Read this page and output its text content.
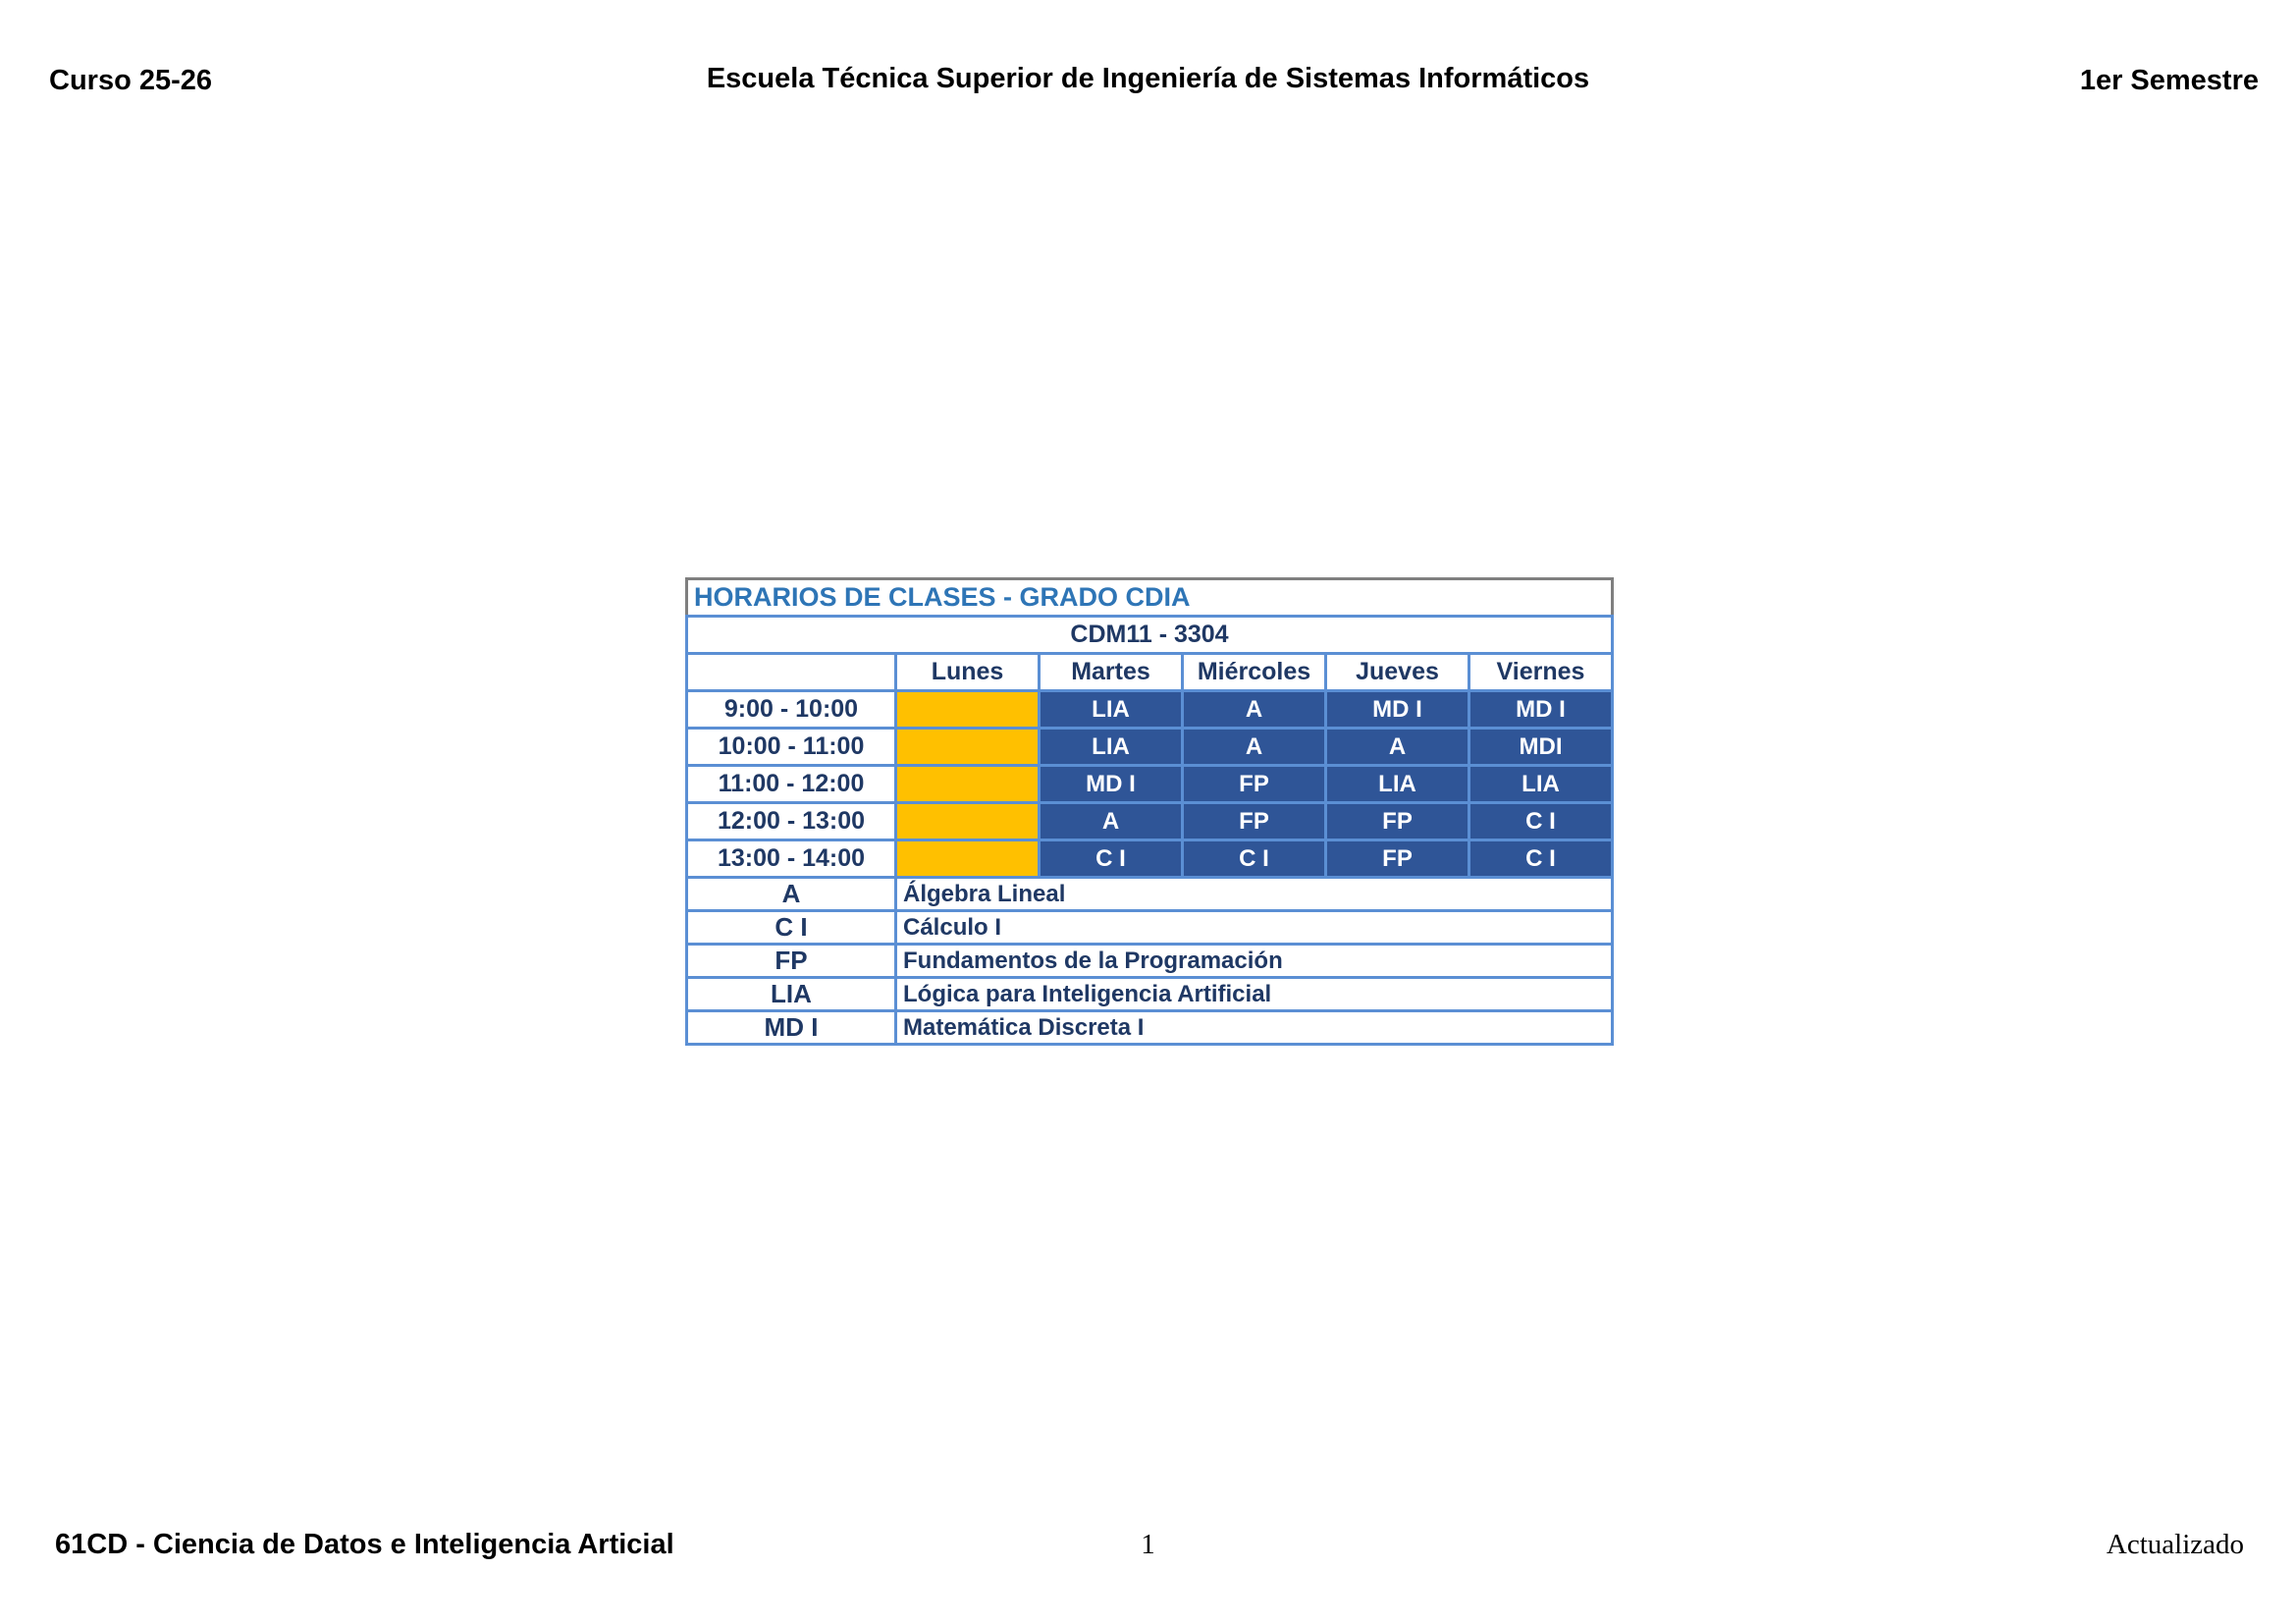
Curso 25-26	Escuela Técnica Superior de Ingeniería de Sistemas Informáticos	1er Semestre
HORARIOS DE CLASES - GRADO CDIA					
CDM11 - 3304					
	Lunes	Martes	Miércoles	Jueves	Viernes
9:00 - 10:00		LIA	A	MD I	MD I
10:00 - 11:00		LIA	A	A	MDI
11:00 - 12:00		MD I	FP	LIA	LIA
12:00 - 13:00		A	FP	FP	C I
13:00 - 14:00		C I	C I	FP	C I
A	Álgebra Lineal				
C I	Cálculo I				
FP	Fundamentos de la Programación				
LIA	Lógica para Inteligencia Artificial				
MD I	Matemática Discreta I				
61CD - Ciencia de Datos e Inteligencia Articial	1	Actualizado
